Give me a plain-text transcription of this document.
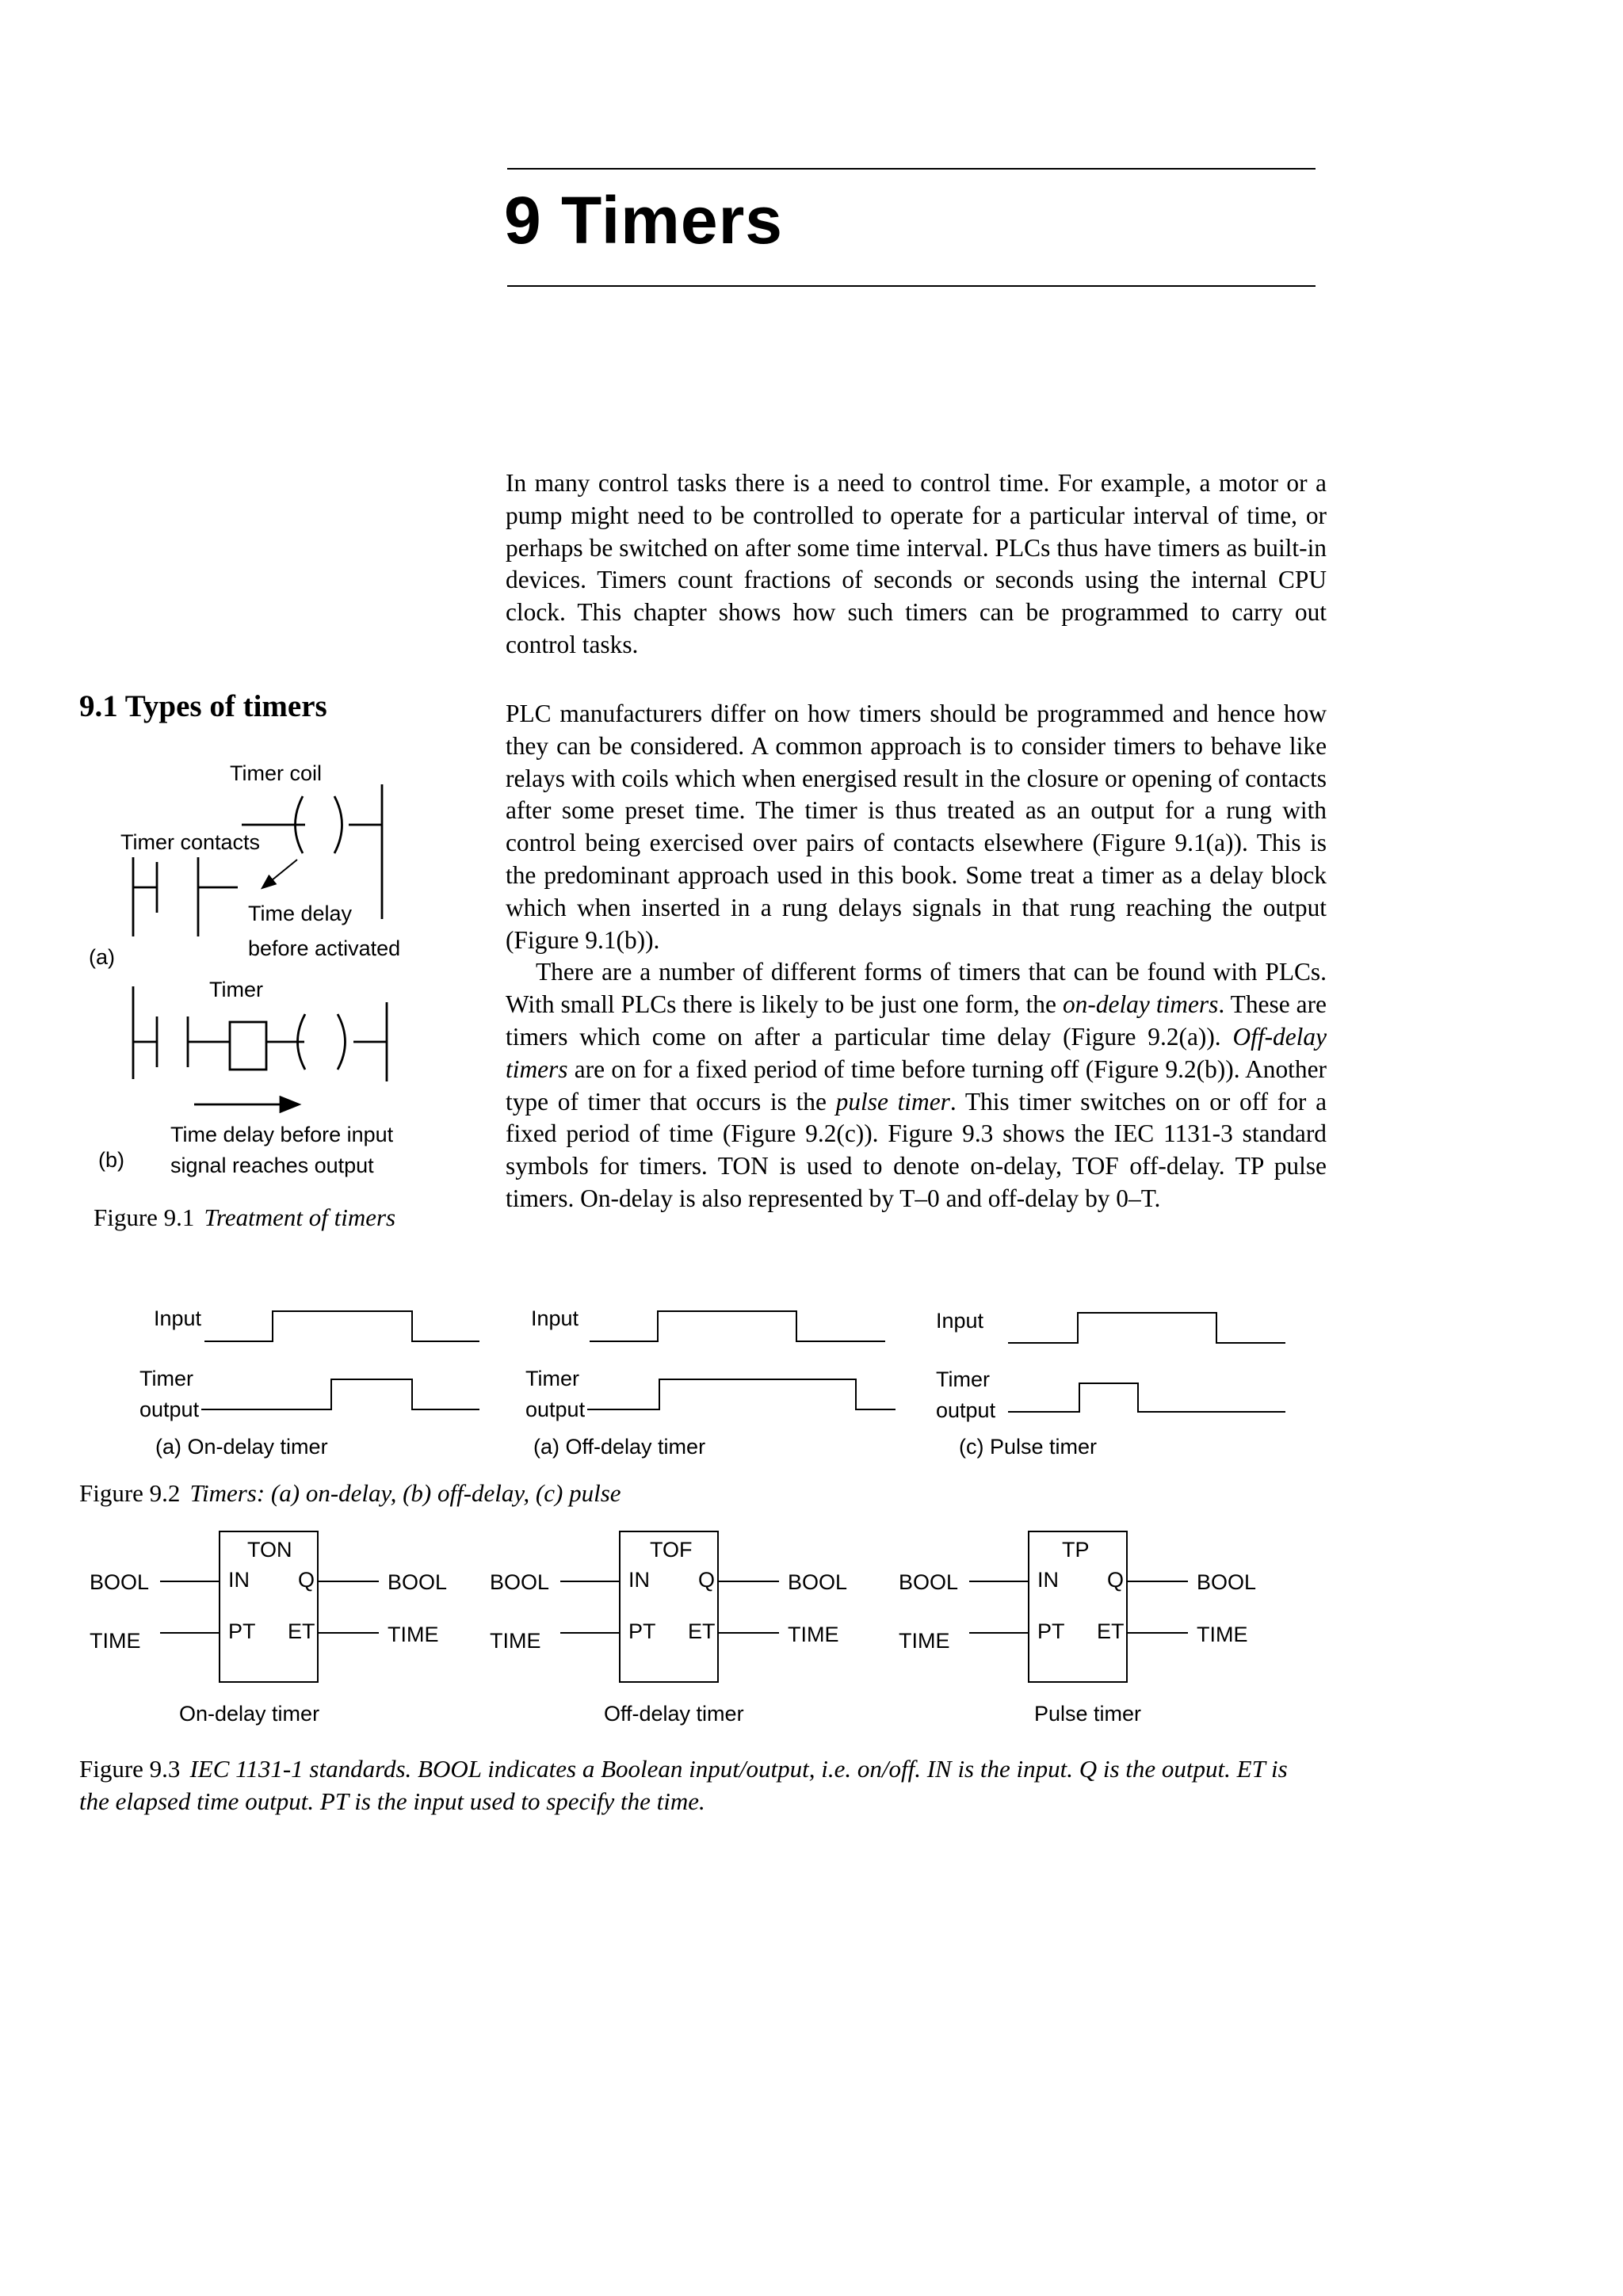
9 Timers

In many control tasks there is a need to control time. For example, a motor or a pump might need to be controlled to operate for a particular interval of time, or perhaps be switched on after some time interval. PLCs thus have timers as built-in devices. Timers count fractions of seconds or seconds using the internal CPU clock. This chapter shows how such timers can be programmed to carry out control tasks.

9.1 Types of timers	PLC manufacturers differ on how timers should be programmed and hence how they can be considered. A common approach is to consider timers to behave like relays with coils which when energised result in the closure or opening of contacts after some preset time. The timer is thus treated as an output for a rung with control being exercised over pairs of contacts elsewhere (Figure 9.1(a)). This is the predominant approach used in this book. Some treat a timer as a delay block which when inserted in a rung delays signals in that rung reaching the output (Figure 9.1(b)).

There are a number of different forms of timers that can be found with PLCs. With small PLCs there is likely to be just one form, the on-delay timers. These are timers which come on after a particular time delay (Figure 9.2(a)). Off-delay timers are on for a fixed period of time before turning off (Figure 9.2(b)). Another type of timer that occurs is the pulse timer. This timer switches on or off for a fixed period of time (Figure 9.2(c)). Figure 9.3 shows the IEC 1131-3 standard symbols for timers. TON is used to denote on-delay, TOF off-delay. TP pulse timers. On-delay is also represented by T–0 and off-delay by 0–T.

Timer coil
Timer contacts
Time delay
before activated
(a)
Timer
Time delay before input
signal reaches output
(b)
Input
Timer
output
(a) On-delay timer
Input
Timer
output
(a) Off-delay timer
Input
Timer
output
(c) Pulse timer
TON
IN Q
PT ET
BOOL
TIME
BOOL
TIME
On-delay timer
TOF
IN Q
PT ET
BOOL
TIME
BOOL
TIME
Off-delay timer
TP
IN Q
PT ET
BOOL
TIME
BOOL
TIME
Pulse timer

Figure 9.1 Treatment of timers

Figure 9.2 Timers: (a) on-delay, (b) off-delay, (c) pulse

Figure 9.3 IEC 1131-1 standards. BOOL indicates a Boolean input/output, i.e. on/off. IN is the input. Q is the output. ET is the elapsed time output. PT is the input used to specify the time.
